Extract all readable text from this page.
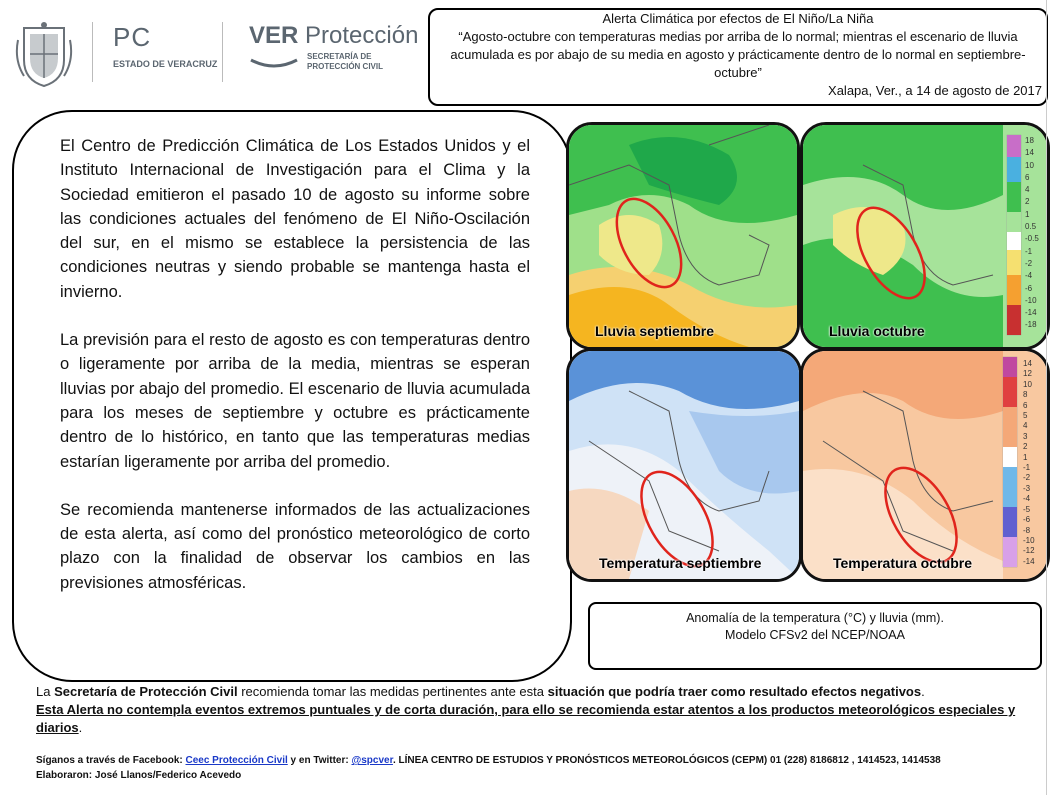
PC
ESTADO DE VERACRUZ
VER Protección
SECRETARÍA DE
PROTECCIÓN CIVIL
Alerta Climática por efectos de El Niño/La Niña
“Agosto-octubre con temperaturas medias por arriba de lo normal; mientras el escenario de lluvia acumulada es por abajo de su media en agosto y prácticamente dentro de lo normal en septiembre-octubre”
Xalapa, Ver., a 14 de agosto de 2017

El Centro de Predicción Climática de Los Estados Unidos y el Instituto Internacional de Investigación para el Clima y la Sociedad emitieron el pasado 10 de agosto su informe sobre las condiciones actuales del fenómeno de El Niño-Oscilación del sur, en el mismo se establece la persistencia de las condiciones neutras y siendo probable se mantenga hasta el invierno.

La previsión para el resto de agosto es con temperaturas dentro o ligeramente por arriba de la media, mientras se esperan lluvias por abajo del promedio. El escenario de lluvia acumulada para los meses de septiembre y octubre es prácticamente dentro de lo histórico, en tanto que las temperaturas medias estarían ligeramente por arriba del promedio.

Se recomienda mantenerse informados de las actualizaciones de esta alerta, así como del pronóstico meteorológico de corto plazo con la finalidad de observar los cambios en las previsiones atmosféricas.

Lluvia septiembre	Lluvia octubre
18
14
10
6
4
2
1
0.5
-0.5
-1
-2
-4
-6
-10
-14
-18
Temperatura septiembre	Temperatura octubre
14
12
10
8
6
5
4
3
2
1
-1
-2
-3
-4
-5
-6
-8
-10
-12
-14
Anomalía de la temperatura (°C) y lluvia (mm).
Modelo CFSv2 del NCEP/NOAA
La Secretaría de Protección Civil recomienda tomar las medidas pertinentes ante esta situación que podría traer como resultado efectos negativos.
Esta Alerta no contempla eventos extremos puntuales y de corta duración, para ello se recomienda estar atentos a los productos meteorológicos especiales y diarios.
Síganos a través de Facebook: Ceec Protección Civil y en Twitter: @spcver. LÍNEA CENTRO DE ESTUDIOS Y PRONÓSTICOS METEOROLÓGICOS (CEPM) 01 (228) 8186812 , 1414523, 1414538
Elaboraron: José Llanos/Federico Acevedo
